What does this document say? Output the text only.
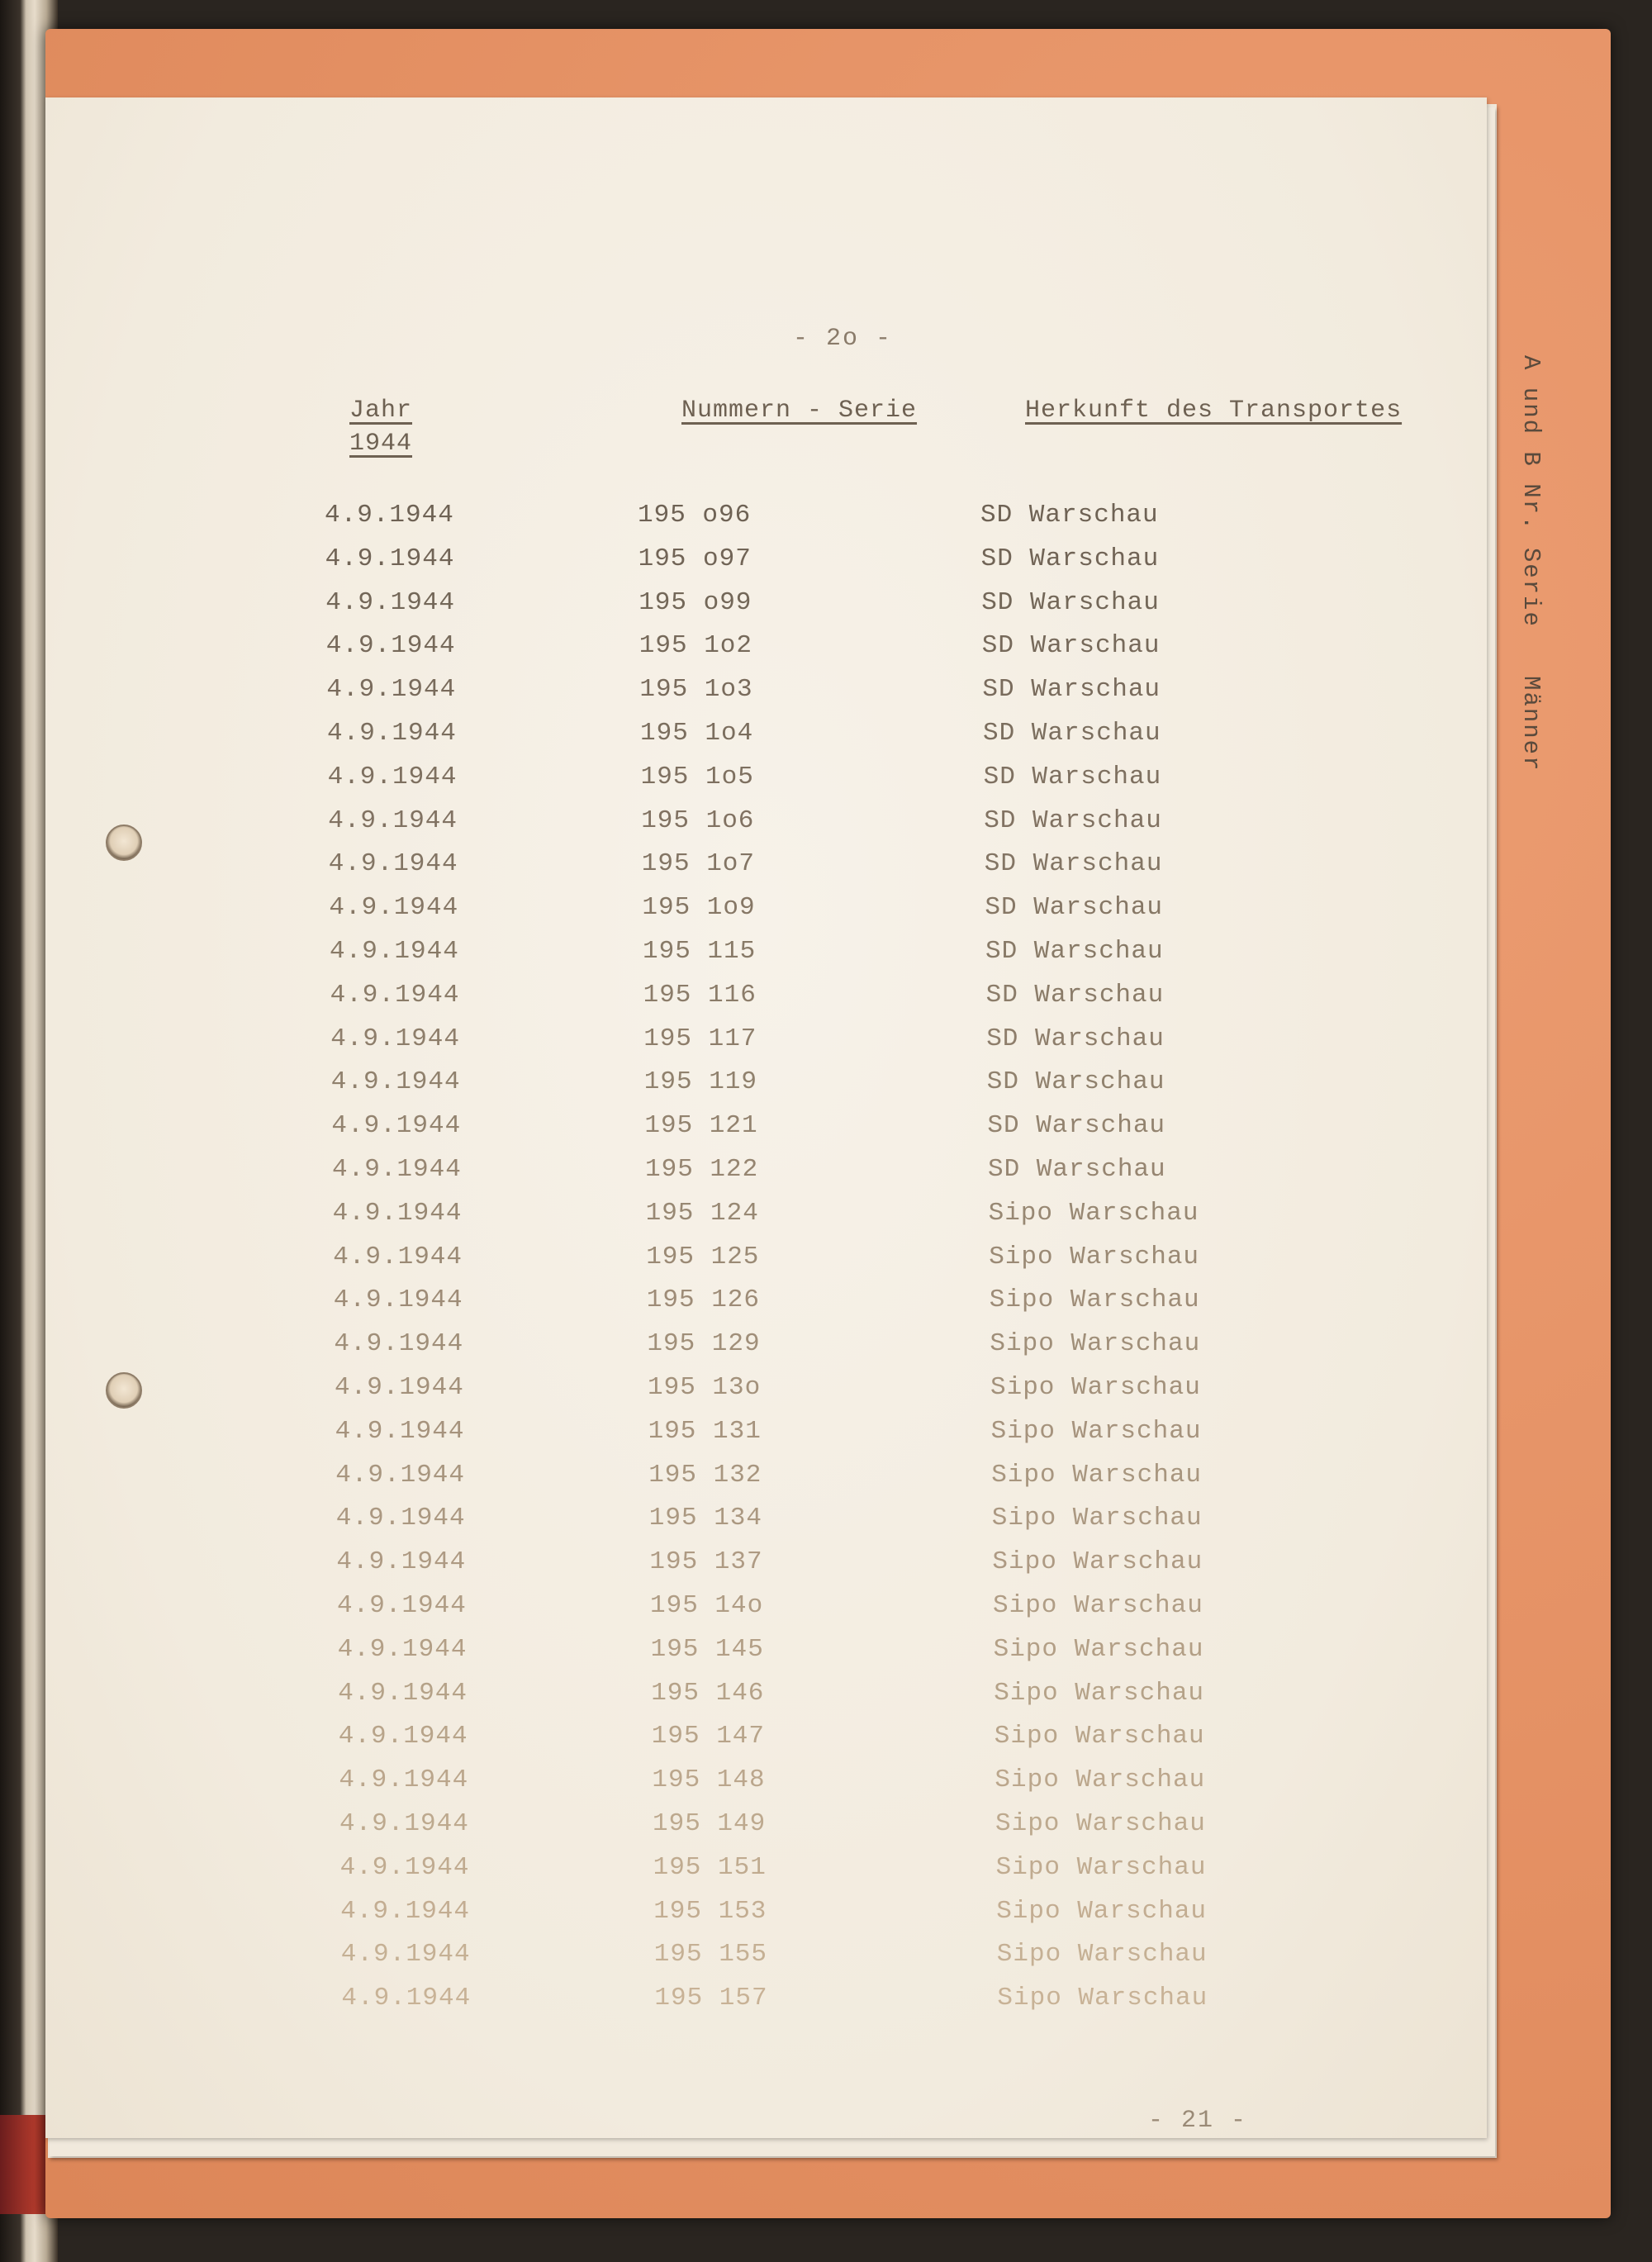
A und B Nr. Serie   Männer
- 2o -
Jahr
1944
Nummern - Serie	Herkunft des Transportes
4.9.1944	195 o96	SD Warschau
4.9.1944	195 o97	SD Warschau
4.9.1944	195 o99	SD Warschau
4.9.1944	195 1o2	SD Warschau
4.9.1944	195 1o3	SD Warschau
4.9.1944	195 1o4	SD Warschau
4.9.1944	195 1o5	SD Warschau
4.9.1944	195 1o6	SD Warschau
4.9.1944	195 1o7	SD Warschau
4.9.1944	195 1o9	SD Warschau
4.9.1944	195 115	SD Warschau
4.9.1944	195 116	SD Warschau
4.9.1944	195 117	SD Warschau
4.9.1944	195 119	SD Warschau
4.9.1944	195 121	SD Warschau
4.9.1944	195 122	SD Warschau
4.9.1944	195 124	Sipo Warschau
4.9.1944	195 125	Sipo Warschau
4.9.1944	195 126	Sipo Warschau
4.9.1944	195 129	Sipo Warschau
4.9.1944	195 13o	Sipo Warschau
4.9.1944	195 131	Sipo Warschau
4.9.1944	195 132	Sipo Warschau
4.9.1944	195 134	Sipo Warschau
4.9.1944	195 137	Sipo Warschau
4.9.1944	195 14o	Sipo Warschau
4.9.1944	195 145	Sipo Warschau
4.9.1944	195 146	Sipo Warschau
4.9.1944	195 147	Sipo Warschau
4.9.1944	195 148	Sipo Warschau
4.9.1944	195 149	Sipo Warschau
4.9.1944	195 151	Sipo Warschau
4.9.1944	195 153	Sipo Warschau
4.9.1944	195 155	Sipo Warschau
4.9.1944	195 157	Sipo Warschau
- 21 -
